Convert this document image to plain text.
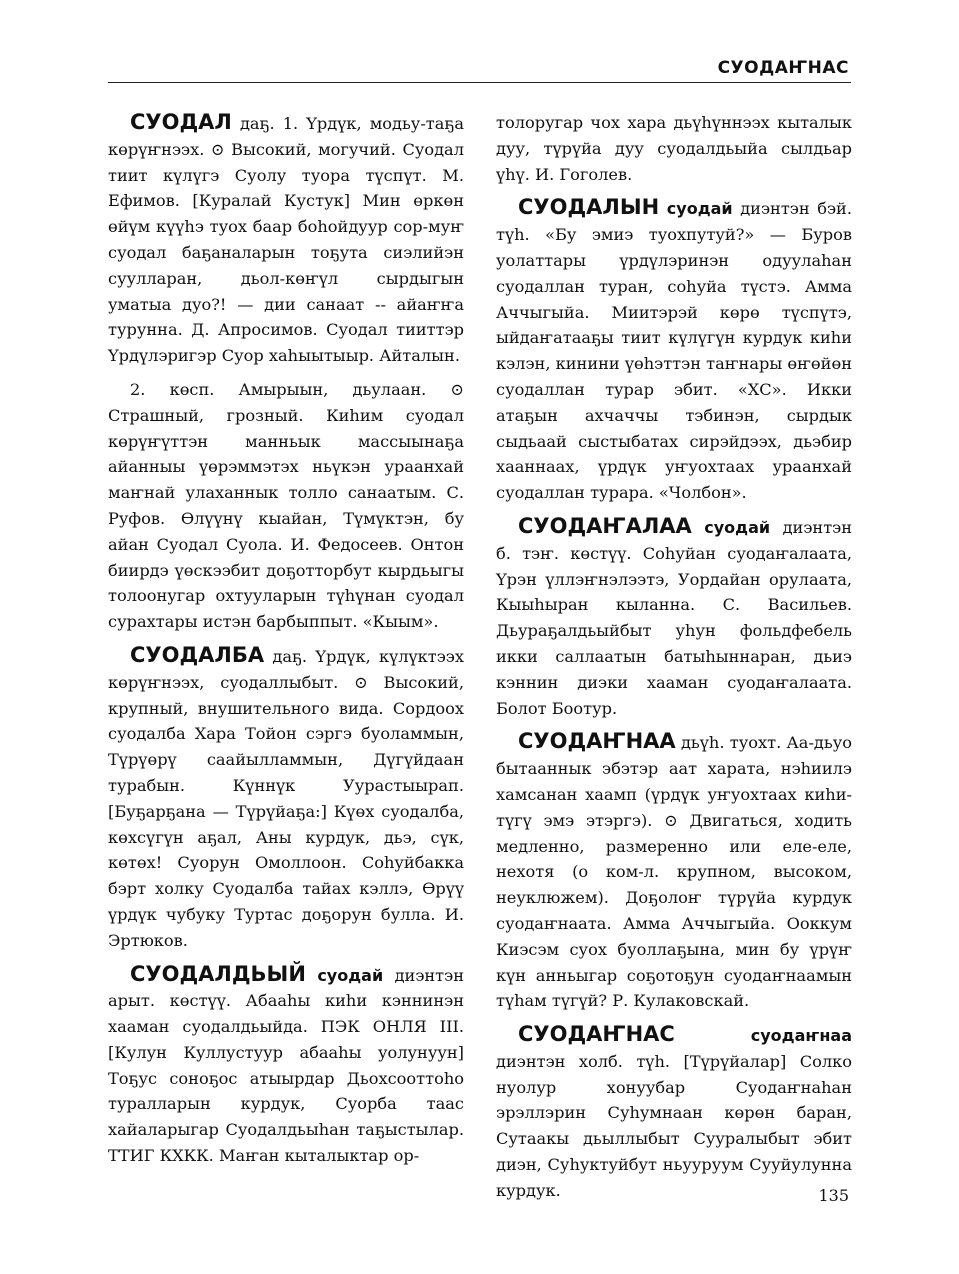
СУОДАҤНАС

СУОДАЛ даҕ. 1. Үрдүк, модьу-таҕа көрүҥнээх. ⊙ Высокий, могучий. Суодал тиит күлүгэ Суолу туора түспүт. М. Ефимов. [Куралай Кустук] Мин өркөн өйүм күүһэ туох баар боһойдуур сор-муҥ суодал баҕаналарын тоҕута сиэлийэн суулларан, дьол-көҥүл сырдыгын уматыа дуо?! — дии санаат -- айаҥҥа турунна. Д. Апросимов. Суодал тииттэр Үрдүлэригэр Суор хаһыытыыр. Айталын.

2. көсп. Амырыын, дьулаан. ⊙ Страшный, грозный. Киһим суодал көрүҥүттэн манньык массыынаҕа айанныы үөрэммэтэх ньүкэн ураанхай маҥнай улаханнык толло санаатым. С. Руфов. Өлүүнү кыайан, Түмүктэн, бу айан Суодал Суола. И. Федосеев. Онтон биирдэ үөскээбит доҕотторбут кырдьыгы толоонугар охтууларын түһүнан суодал сурахтары истэн барбыппыт. «Кыым».

СУОДАЛБА даҕ. Үрдүк, күлүктээх көрүҥнээх, суодаллыбыт. ⊙ Высокий, крупный, внушительного вида. Сордоох суодалба Хара Тойон сэргэ буоламмын, Түрүөрү саайылламмын, Дүгүйдаан турабын. Күннүк Уурастыырап. [Буҕарҕана — Түрүйаҕа:] Күөх суодалба, көхсүгүн аҕал, Аны курдук, дьэ, сүк, көтөх! Суорун Омоллоон. Соһуйбакка бэрт холку Суодалба тайах кэллэ, Өрүү үрдүк чубуку Туртас доҕорун булла. И. Эртюков.

СУОДАЛДЬЫЙ суодай диэнтэн арыт. көстүү. Абааһы киһи кэннинэн хааман суодалдьыйда. ПЭК ОНЛЯ III. [Кулун Куллустуур абааһы уолунуун] Тоҕус соноҕос атыырдар Дьохсооттоһо туралларын курдук, Суорба таас хайаларыгар Суодалдьыһан таҕыстылар. ТТИГ КХКК. Маҥан кыталыктар ор-

толоругар чох хара дьүһүннээх кыталык дуу, түрүйа дуу суодалдьыйа сылдьар үһү. И. Гоголев.

СУОДАЛЫН суодай диэнтэн бэй. түһ. «Бу эмиэ туохпутуй?» — Буров уолаттары үрдүлэринэн одуулаһан суодаллан туран, соһуйа түстэ. Амма Аччыгыйа. Миитэрэй көрө түспүтэ, ыйдаҥатааҕы тиит күлүгүн курдук киһи кэлэн, кинини үөһэттэн таҥнары өҥөйөн суодаллан турар эбит. «ХС». Икки атаҕын ахчаччы тэбинэн, сырдык сыдьаай сыстыбатах сирэйдээх, дьэбир хааннаах, үрдүк уҥуохтаах ураанхай суодаллан турара. «Чолбон».

СУОДАҤАЛАА суодай диэнтэн б. тэҥ. көстүү. Соһуйан суодаҥалаата, Үрэн үллэҥнэлээтэ, Уордайан орулаата, Кыыһыран кыланна. С. Васильев. Дьураҕалдьыйбыт уһун фольдфебель икки саллаатын батыһыннаран, дьиэ кэннин диэки хааман суодаҥалаата. Болот Боотур.

СУОДАҤНАА дьүһ. туохт. Аа-дьуо бытааннык эбэтэр аат харата, нэһиилэ хамсанан хаамп (үрдүк уҥуохтаах киһи-түгү эмэ этэргэ). ⊙ Двигаться, ходить медленно, размеренно или еле-еле, нехотя (о ком-л. крупном, высоком, неуклюжем). Доҕолоҥ түрүйа курдук суодаҥнаата. Амма Аччыгыйа. Ооккум Киэсэм суох буоллаҕына, мин бу үрүҥ күн анньыгар соҕотоҕун суодаҥнаамын түһам түгүй? Р. Кулаковскай.

СУОДАҤНАС	суодаҥнаа диэнтэн холб. түһ. [Түрүйалар] Солко нуолур хонуубар Суодаҥнаһан эрэллэрин Суһумнаан көрөн баран, Сутаакы дьыллыбыт Сууралыбыт эбит диэн, Суһуктуйбут ньууруум Сууйулунна курдук.	135
